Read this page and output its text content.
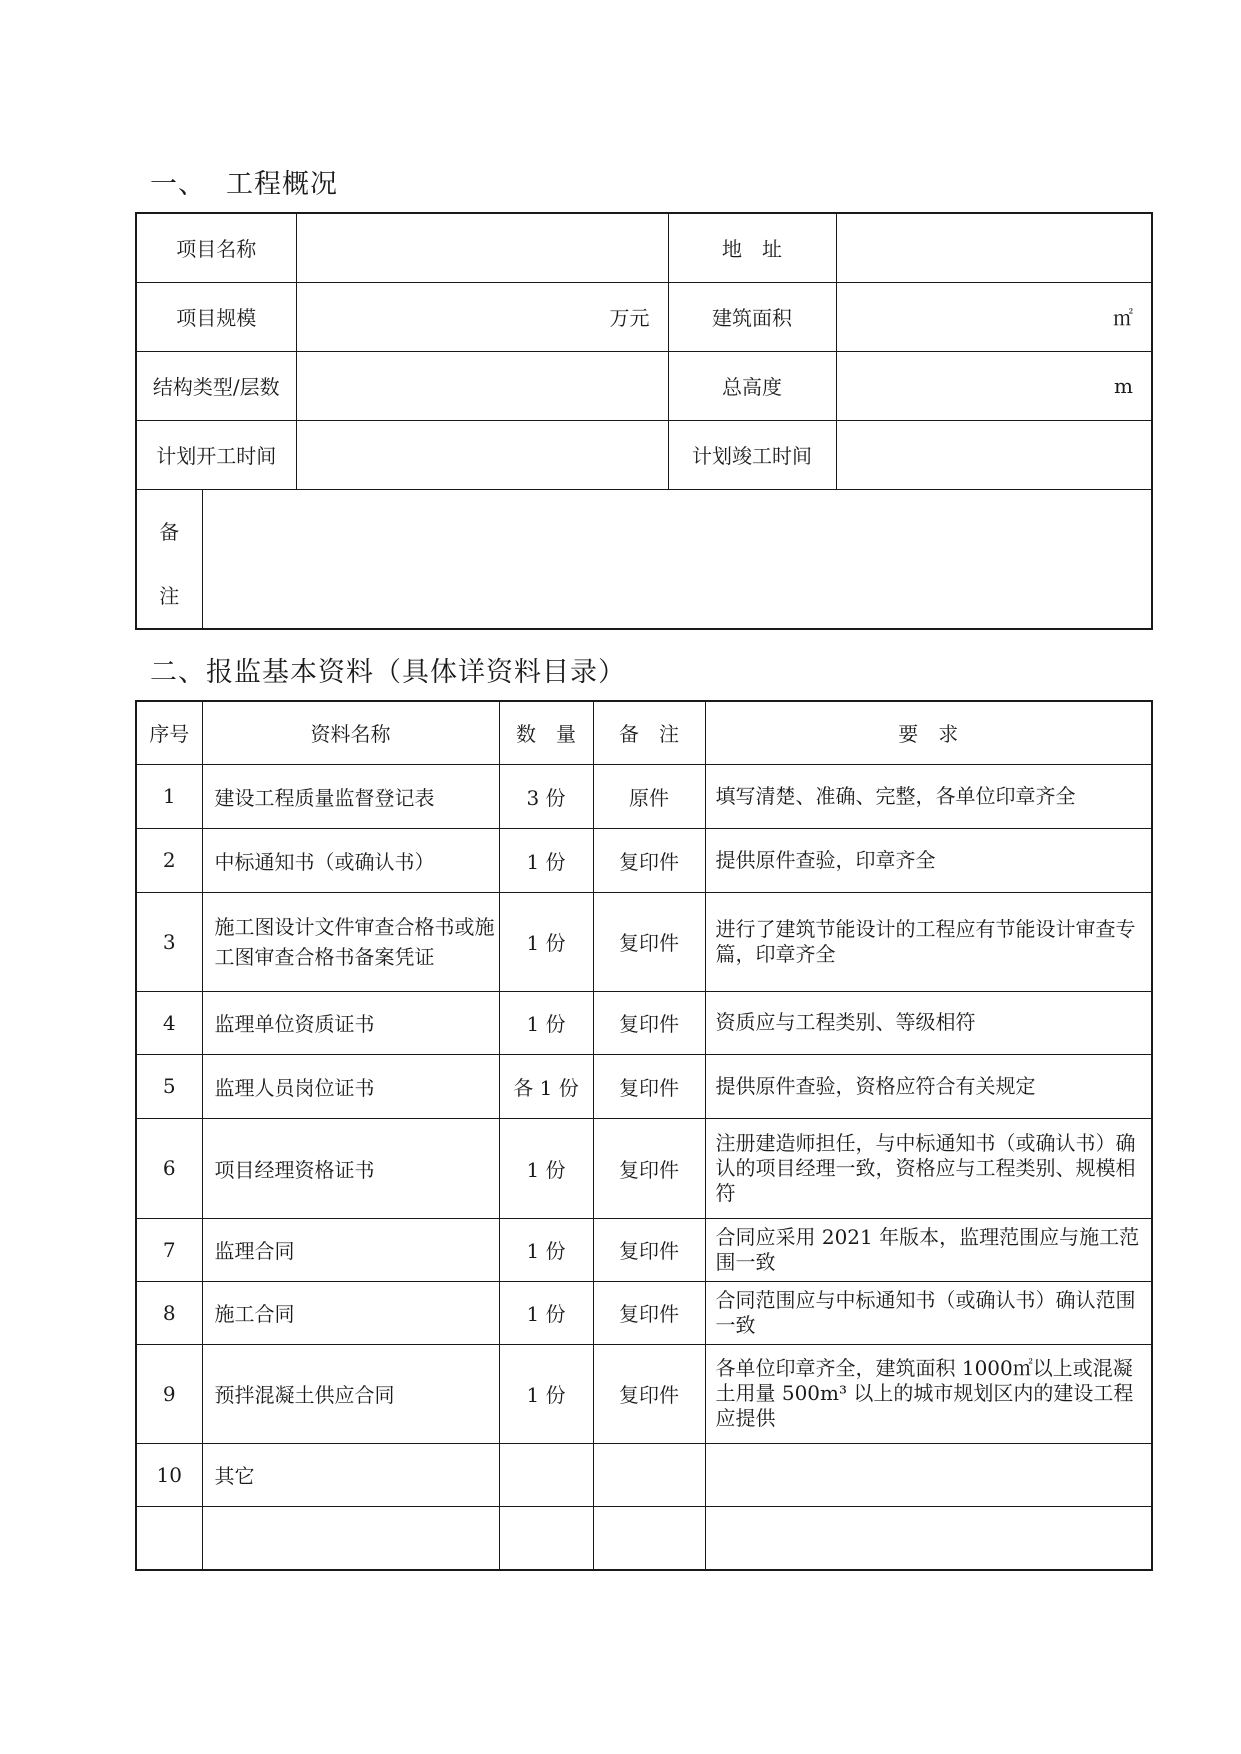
一、 工程概况
项目名称			地　址	
项目规模		万元	建筑面积	㎡
结构类型/层数			总高度	m
计划开工时间			计划竣工时间	
备
注				
二、报监基本资料（具体详资料目录）
序号	资料名称	数　量	备　注	要　求
1	建设工程质量监督登记表	3 份	原件	填写清楚、准确、完整，各单位印章齐全
2	中标通知书（或确认书）	1 份	复印件	提供原件查验，印章齐全
3	施工图设计文件审查合格书或施工图审查合格书备案凭证	1 份	复印件	进行了建筑节能设计的工程应有节能设计审查专篇，印章齐全
4	监理单位资质证书	1 份	复印件	资质应与工程类别、等级相符
5	监理人员岗位证书	各 1 份	复印件	提供原件查验，资格应符合有关规定
6	项目经理资格证书	1 份	复印件	注册建造师担任，与中标通知书（或确认书）确认的项目经理一致，资格应与工程类别、规模相符
7	监理合同	1 份	复印件	合同应采用 2021 年版本，监理范围应与施工范围一致
8	施工合同	1 份	复印件	合同范围应与中标通知书（或确认书）确认范围一致
9	预拌混凝土供应合同	1 份	复印件	各单位印章齐全，建筑面积 1000㎡以上或混凝土用量 500m³ 以上的城市规划区内的建设工程应提供
10	其它			
